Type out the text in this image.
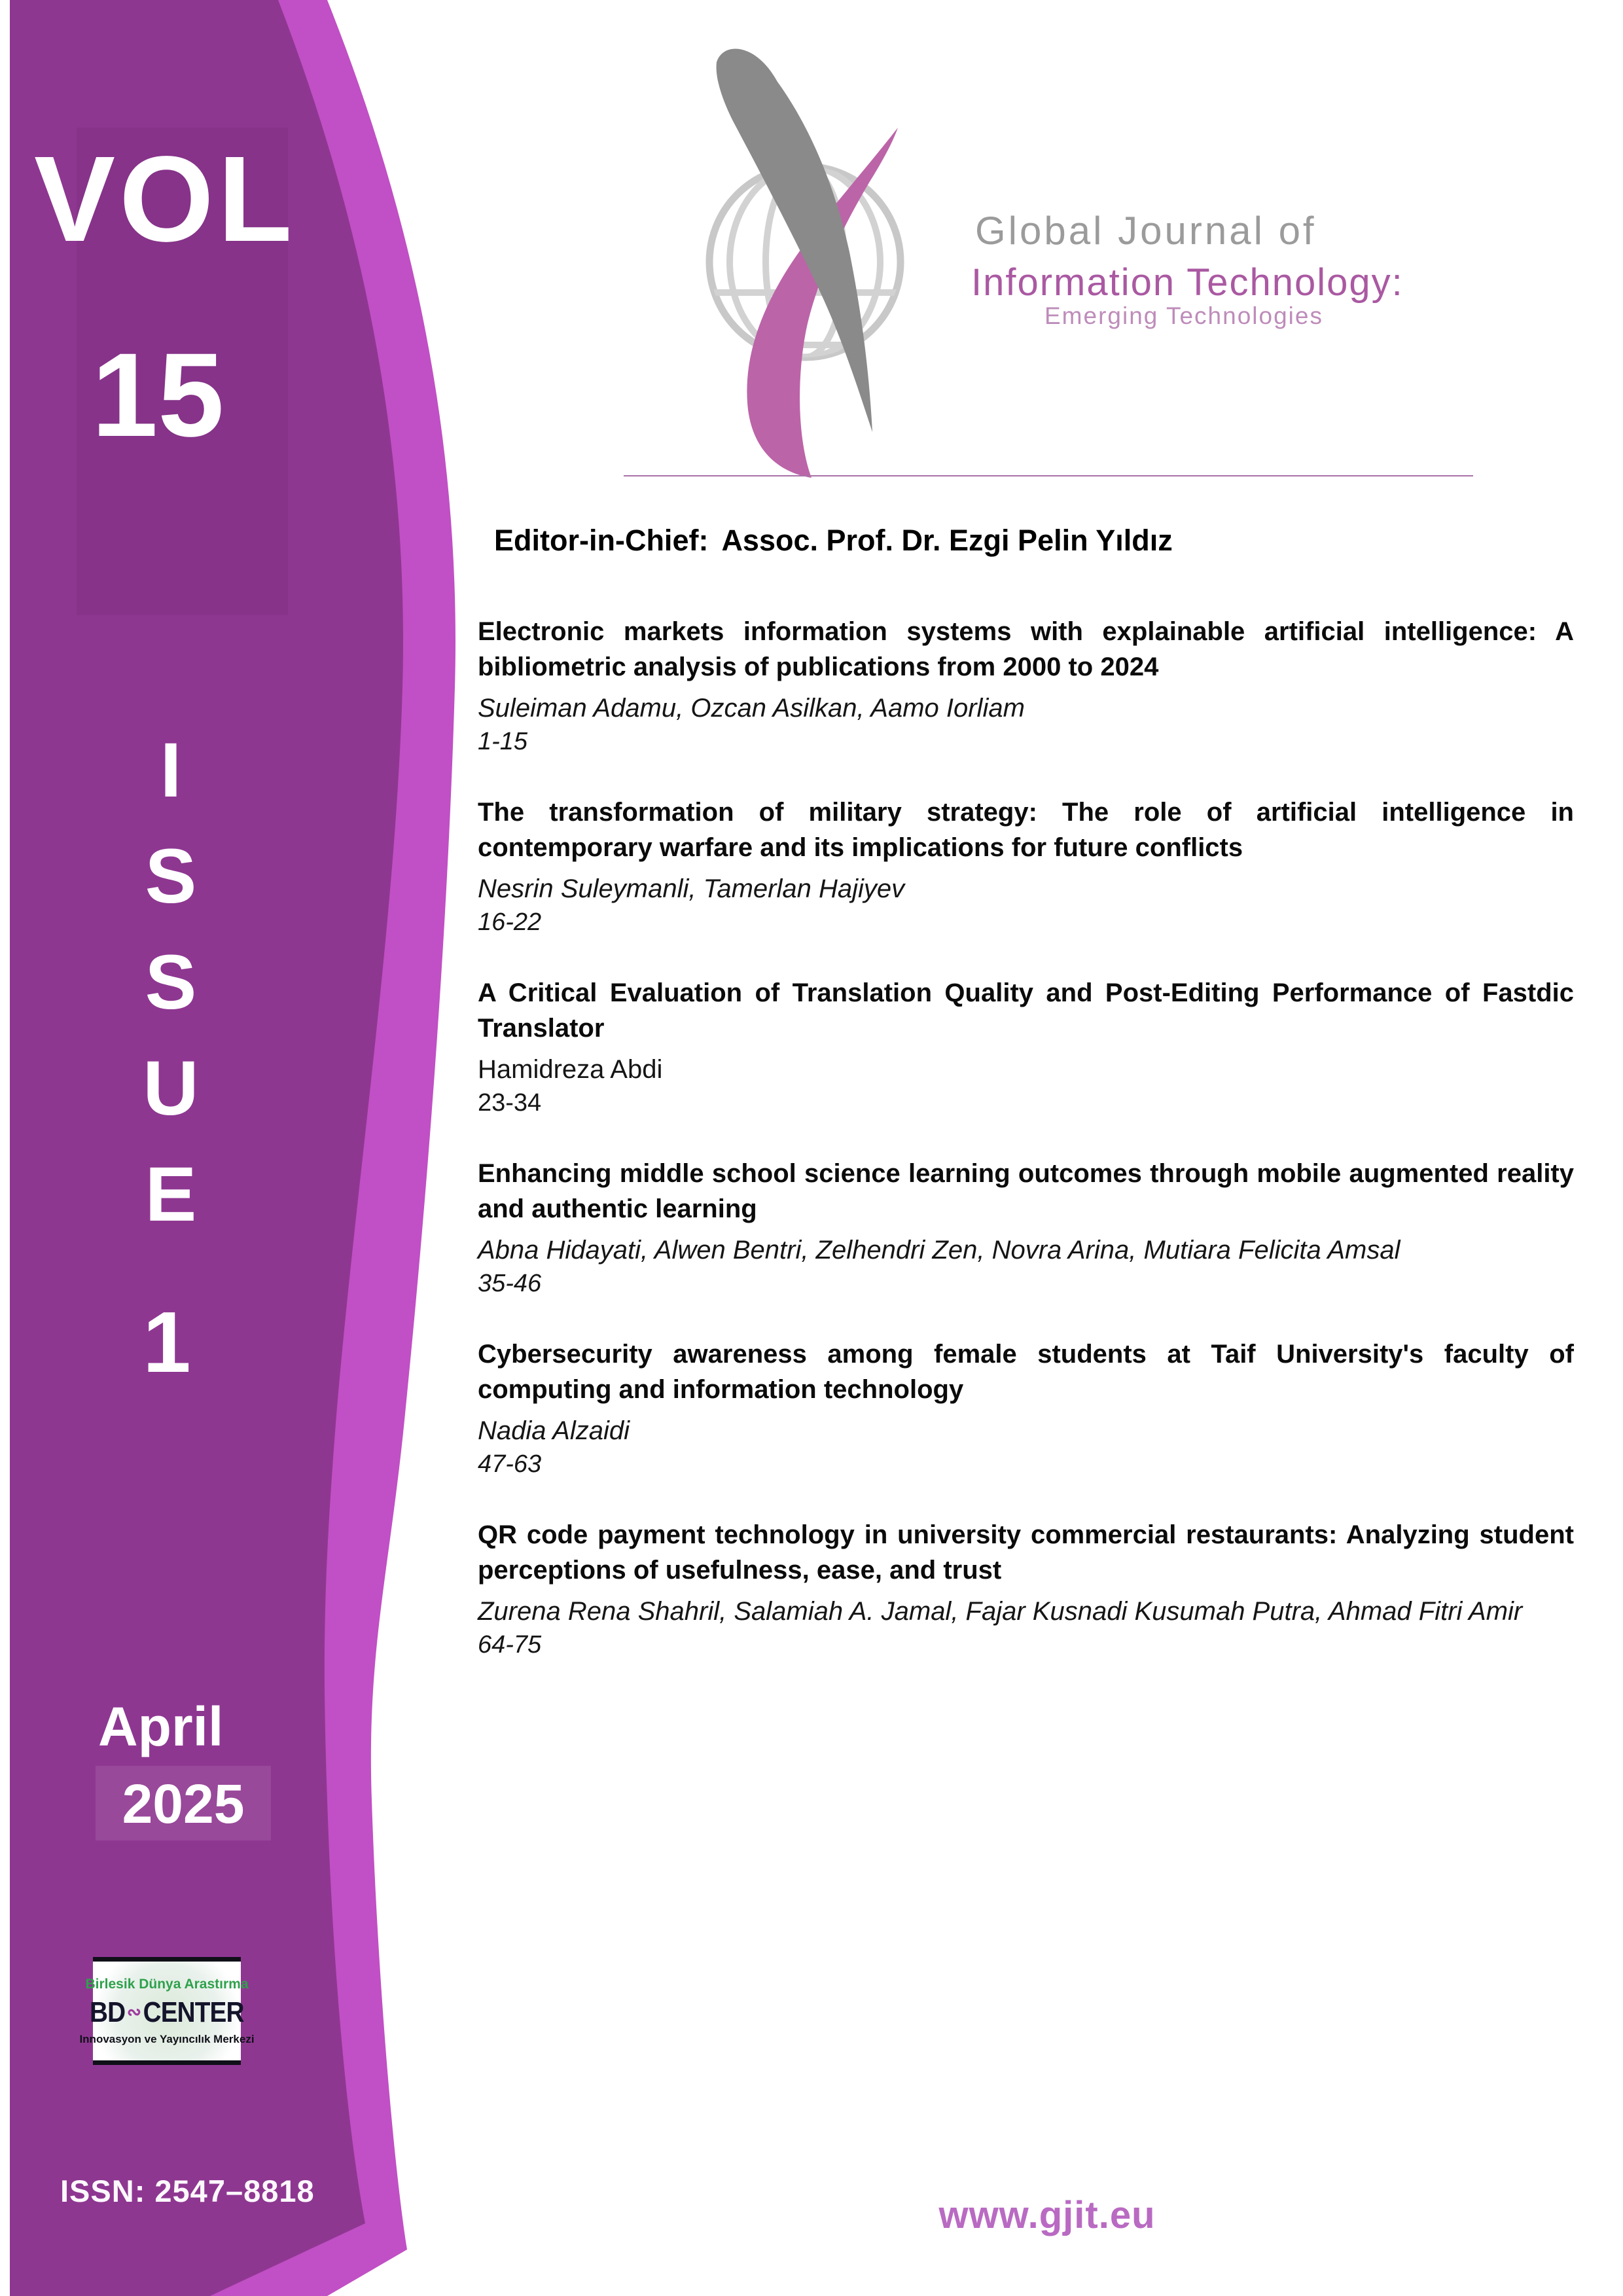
VOL
15
I
S
S
U
E
1
April
2025
Birlesik Dünya Arastırma
BD ∾ CENTER
Innovasyon ve Yayıncılık Merkezi
ISSN: 2547–8818
Global Journal of
Information Technology:
Emerging Technologies
Editor-in-Chief: Assoc. Prof. Dr. Ezgi Pelin Yıldız
Electronic markets information systems with explainable artificial intelligence: A bibliometric analysis of publications from 2000 to 2024
Suleiman Adamu, Ozcan Asilkan, Aamo Iorliam
1-15
The transformation of military strategy: The role of artificial intelligence in contemporary warfare and its implications for future conflicts
Nesrin Suleymanli, Tamerlan Hajiyev
16-22
A Critical Evaluation of Translation Quality and Post-Editing Performance of Fastdic Translator
Hamidreza Abdi
23-34
Enhancing middle school science learning outcomes through mobile augmented reality and authentic learning
Abna Hidayati, Alwen Bentri, Zelhendri Zen, Novra Arina, Mutiara Felicita Amsal
35-46
Cybersecurity awareness among female students at Taif University's faculty of computing and information technology
Nadia Alzaidi
47-63
QR code payment technology in university commercial restaurants: Analyzing student perceptions of usefulness, ease, and trust
Zurena Rena Shahril, Salamiah A. Jamal, Fajar Kusnadi Kusumah Putra, Ahmad Fitri Amir
64-75
www.gjit.eu
